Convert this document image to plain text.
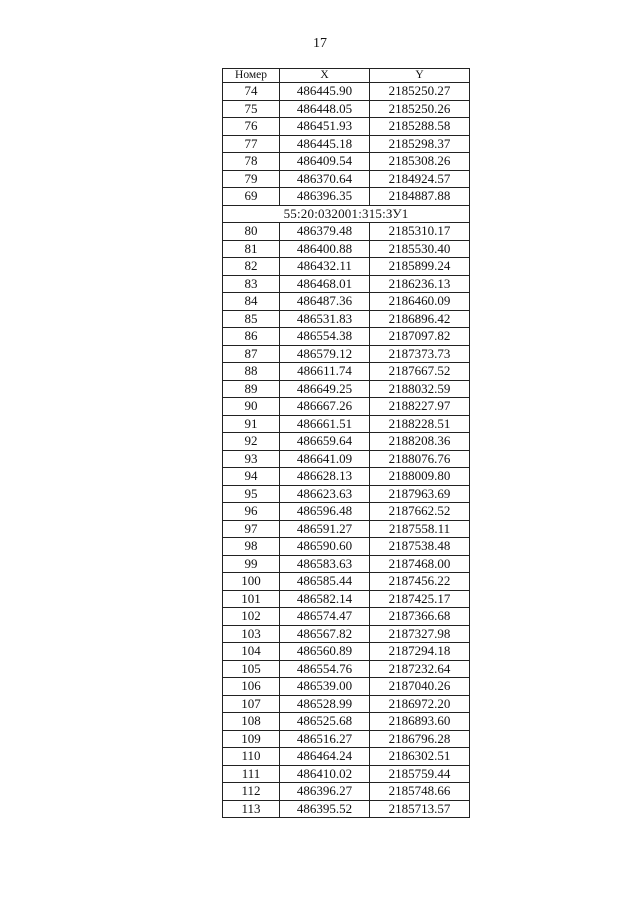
17
Номер	X	Y
74	486445.90	2185250.27
75	486448.05	2185250.26
76	486451.93	2185288.58
77	486445.18	2185298.37
78	486409.54	2185308.26
79	486370.64	2184924.57
69	486396.35	2184887.88
55:20:032001:315:ЗУ1		
80	486379.48	2185310.17
81	486400.88	2185530.40
82	486432.11	2185899.24
83	486468.01	2186236.13
84	486487.36	2186460.09
85	486531.83	2186896.42
86	486554.38	2187097.82
87	486579.12	2187373.73
88	486611.74	2187667.52
89	486649.25	2188032.59
90	486667.26	2188227.97
91	486661.51	2188228.51
92	486659.64	2188208.36
93	486641.09	2188076.76
94	486628.13	2188009.80
95	486623.63	2187963.69
96	486596.48	2187662.52
97	486591.27	2187558.11
98	486590.60	2187538.48
99	486583.63	2187468.00
100	486585.44	2187456.22
101	486582.14	2187425.17
102	486574.47	2187366.68
103	486567.82	2187327.98
104	486560.89	2187294.18
105	486554.76	2187232.64
106	486539.00	2187040.26
107	486528.99	2186972.20
108	486525.68	2186893.60
109	486516.27	2186796.28
110	486464.24	2186302.51
111	486410.02	2185759.44
112	486396.27	2185748.66
113	486395.52	2185713.57
